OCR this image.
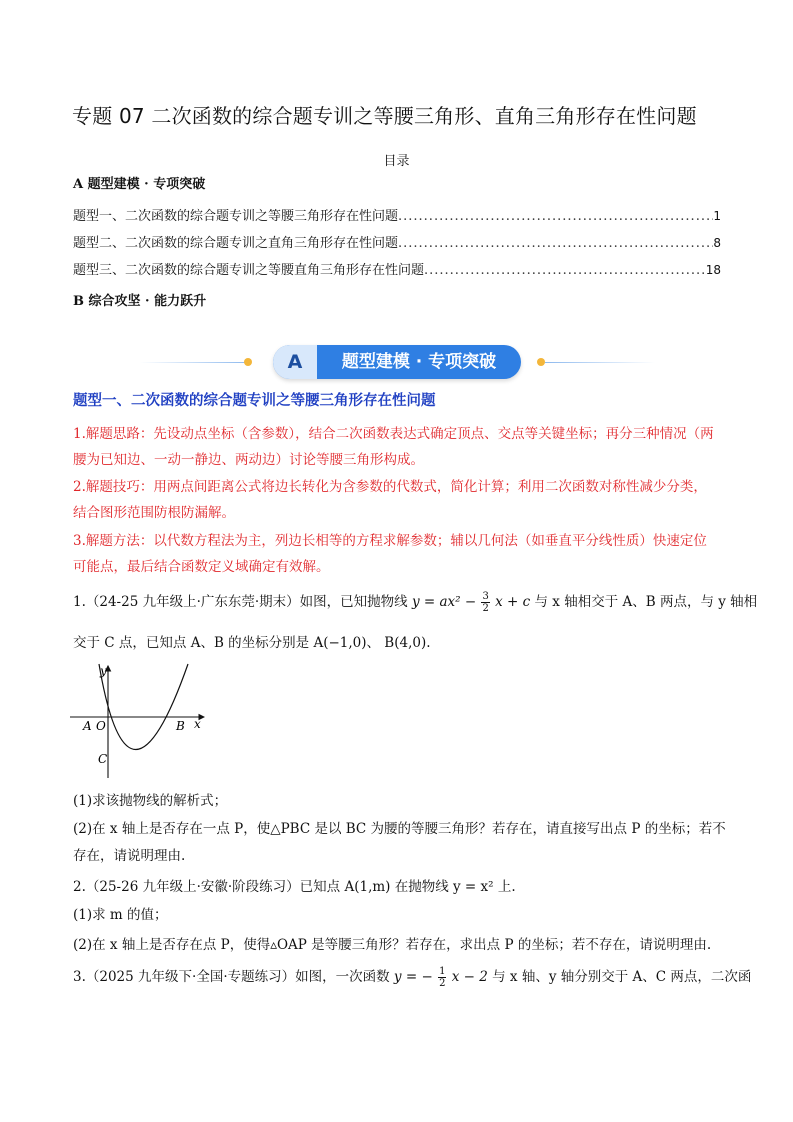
专题 07 二次函数的综合题专训之等腰三角形、直角三角形存在性问题
目录
A 题型建模 · 专项突破
题型一、二次函数的综合题专训之等腰三角形存在性问题 .....	1
题型二、二次函数的综合题专训之直角三角形存在性问题 .....	8
题型三、二次函数的综合题专训之等腰直角三角形存在性问题 .....	18
B 综合攻坚 · 能力跃升
A	题型建模 · 专项突破
题型一、二次函数的综合题专训之等腰三角形存在性问题
1.解题思路：先设动点坐标（含参数），结合二次函数表达式确定顶点、交点等关键坐标；再分三种情况（两
腰为已知边、一动一静边、两动边）讨论等腰三角形构成。
2.解题技巧：用两点间距离公式将边长转化为含参数的代数式，简化计算；利用二次函数对称性减少分类，
结合图形范围防根防漏解。
3.解题方法：以代数方程法为主，列边长相等的方程求解参数；辅以几何法（如垂直平分线性质）快速定位
可能点，最后结合函数定义域确定有效解。
1.（24-25 九年级上·广东东莞·期末）如图，已知抛物线 $y = ax^2 - \frac{3}{2}$ x + c 与 x 轴相交于 A、B 两点，与 y 轴相
交于 C 点，已知点 A、B 的坐标分别是 A(−1,0)、 B(4,0).
y
x
A O	B
C
(1)求该抛物线的解析式；
(2)在 x 轴上是否存在一点 P，使△PBC 是以 BC 为腰的等腰三角形？若存在，请直接写出点 P 的坐标；若不
存在，请说明理由.
2.（25-26 九年级上·安徽·阶段练习）已知点 A(1,m) 在抛物线 y = x² 上.
(1)求 m 的值；
(2)在 x 轴上是否存在点 P，使得▵OAP 是等腰三角形？若存在，求出点 P 的坐标；若不存在，请说明理由.
3.（2025 九年级下·全国·专题练习）如图，一次函数 y = − $\frac{1}{2}$ x − 2 与 x 轴、y 轴分别交于 A、C 两点，二次函
